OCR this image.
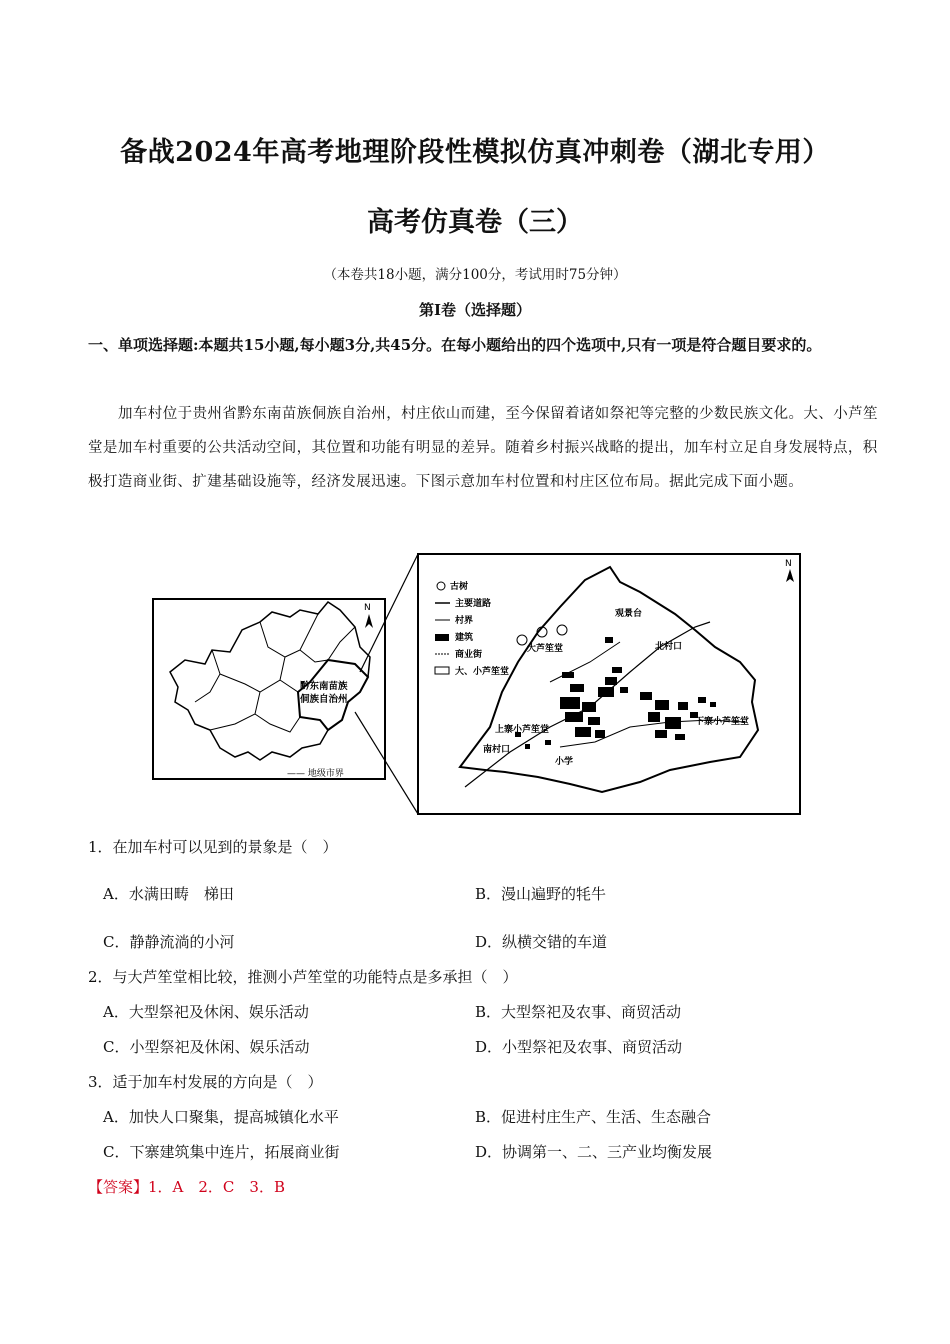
备战2024年高考地理阶段性模拟仿真冲刺卷（湖北专用）
高考仿真卷（三）
（本卷共18小题，满分100分，考试用时75分钟）
第Ⅰ卷（选择题）
一、单项选择题:本题共15小题,每小题3分,共45分。在每小题给出的四个选项中,只有一项是符合题目要求的。
加车村位于贵州省黔东南苗族侗族自治州，村庄依山而建，至今保留着诸如祭祀等完整的少数民族文化。大、小芦笙堂是加车村重要的公共活动空间，其位置和功能有明显的差异。随着乡村振兴战略的提出，加车村立足自身发展特点，积极打造商业街、扩建基础设施等，经济发展迅速。下图示意加车村位置和村庄区位布局。据此完成下面小题。
黔东南苗族
侗族自治州
—— 地级市界
N
N
古树
主要道路
村界
建筑
商业街
大、小芦笙堂
观景台
北村口
大芦笙堂
上寨小芦笙堂
下寨小芦笙堂
南村口
小学
1．在加车村可以见到的景象是（　）
A．水满田畴　梯田	B．漫山遍野的牦牛
C．静静流淌的小河	D．纵横交错的车道
2．与大芦笙堂相比较，推测小芦笙堂的功能特点是多承担（　）
A．大型祭祀及休闲、娱乐活动	B．大型祭祀及农事、商贸活动
C．小型祭祀及休闲、娱乐活动	D．小型祭祀及农事、商贸活动
3．适于加车村发展的方向是（　）
A．加快人口聚集，提高城镇化水平	B．促进村庄生产、生活、生态融合
C．下寨建筑集中连片，拓展商业街	D．协调第一、二、三产业均衡发展
【答案】1．A　2．C　3．B
